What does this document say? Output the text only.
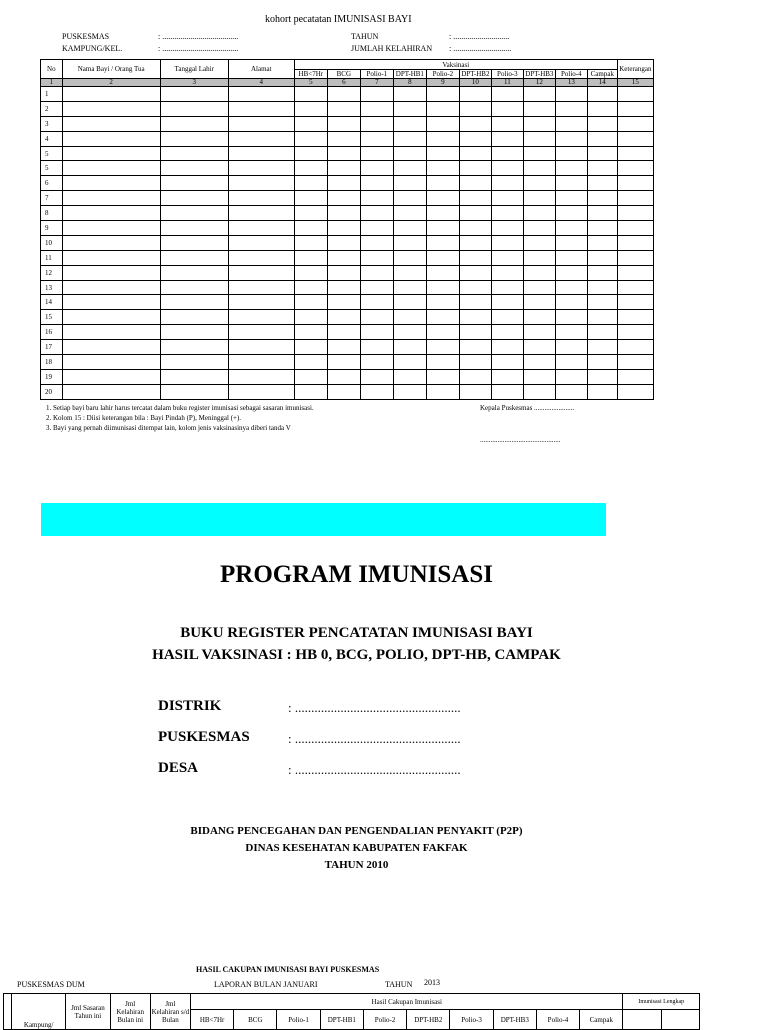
kohort pecatatan IMUNISASI BAYI
PUSKESMAS	: ......................................
KAMPUNG/KEL.	: ......................................
TAHUN	: ............................
JUMLAH KELAHIRAN : .............................
No	Nama Bayi / Orang Tua	Tanggal Lahir	Alamat	Vaksinasi										Keterangan
				HB<7Hr	BCG	Polio-1	DPT-HB1	Polio-2	DPT-HB2	Polio-3	DPT-HB3	Polio-4	Campak	
1	2	3	4	5	6	7	8	9	10	11	12	13	14	15
1														
2														
3														
4														
5														
5														
6														
7														
8														
9														
10														
11														
12														
13														
14														
15														
16														
17														
18														
19														
20														
1. Setiap bayi baru lahir harus tercatat dalam buku register imunisasi sebagai sasaran imunisasi.
2. Kolom 15 : Diisi keterangan bila : Bayi Pindah (P), Meninggal (+).
3. Bayi yang pernah diimunisasi ditempat lain, kolom jenis vaksinasinya diberi tanda V
Kepala Puskesmas .......................
..............................................
PROGRAM IMUNISASI
BUKU REGISTER PENCATATAN IMUNISASI BAYI
HASIL VAKSINASI : HB 0, BCG, POLIO, DPT-HB, CAMPAK
DISTRIK	: ...................................................
PUSKESMAS	: ...................................................
DESA	: ...................................................
BIDANG PENCEGAHAN DAN PENGENDALIAN PENYAKIT (P2P)
DINAS KESEHATAN KABUPATEN FAKFAK
TAHUN 2010
HASIL CAKUPAN IMUNISASI BAYI PUSKESMAS
PUSKESMAS DUM	LAPORAN BULAN JANUARI	TAHUN 2013
	Kampung/	Jml Sasaran Tahun ini	Jml Kelahiran Bulan ini	Jml Kelahiran s/d Bulan	Hasil Cakupan Imunisasi										Imunisasi Lengkap	
					HB<7Hr	BCG	Polio-1	DPT-HB1	Polio-2	DPT-HB2	Polio-3	DPT-HB3	Polio-4	Campak		
